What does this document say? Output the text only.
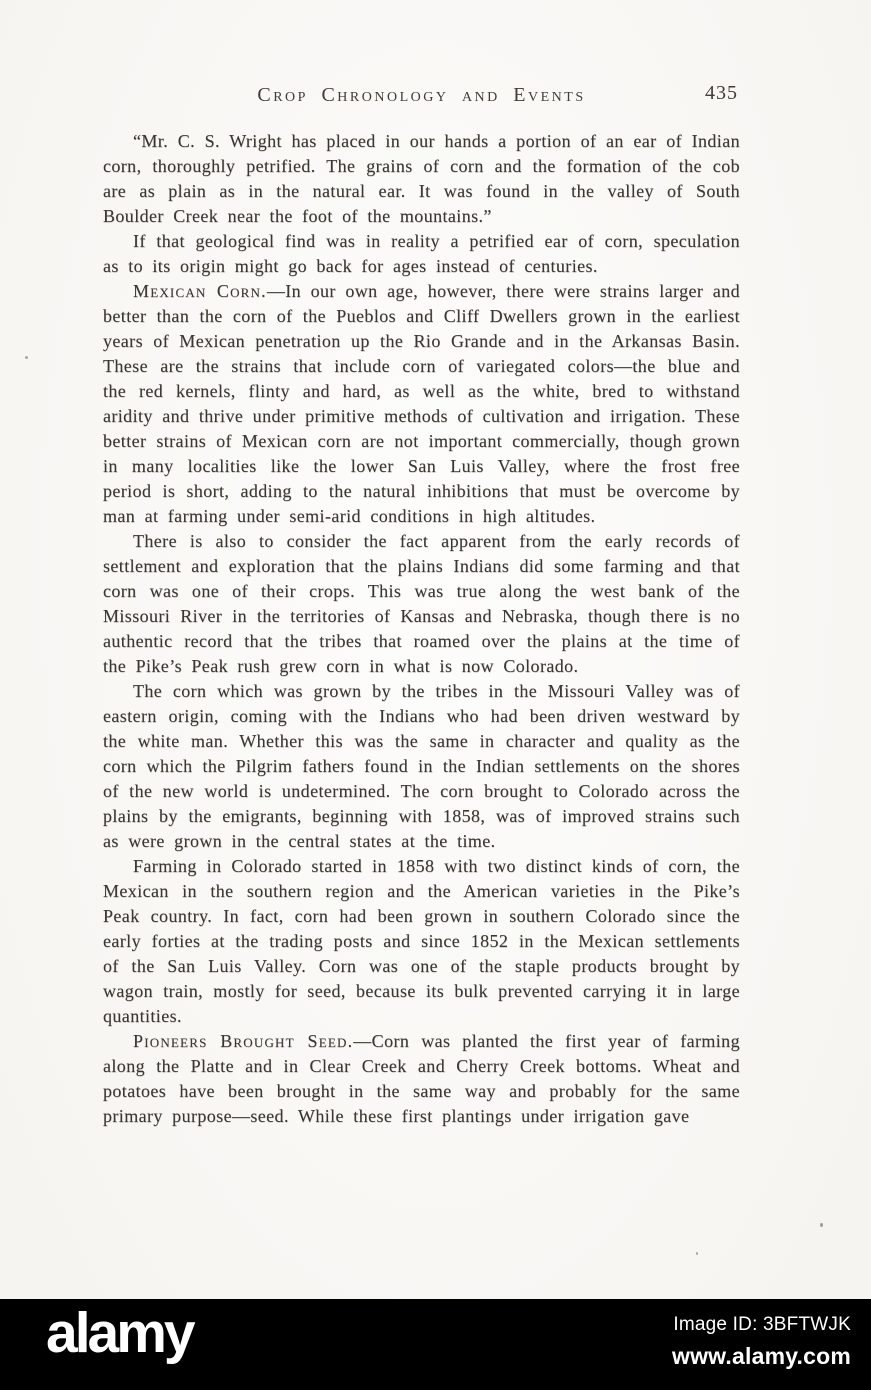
Crop Chronology and Events	435

“Mr. C. S. Wright has placed in our hands a portion of an ear of Indian corn, thoroughly petrified. The grains of corn and the formation of the cob are as plain as in the natural ear. It was found in the valley of South Boulder Creek near the foot of the mountains.”

If that geological find was in reality a petrified ear of corn, speculation as to its origin might go back for ages instead of centuries.

Mexican Corn.—In our own age, however, there were strains larger and better than the corn of the Pueblos and Cliff Dwellers grown in the earliest years of Mexican penetration up the Rio Grande and in the Arkansas Basin. These are the strains that include corn of variegated colors—the blue and the red kernels, flinty and hard, as well as the white, bred to withstand aridity and thrive under primitive methods of cultivation and irrigation. These better strains of Mexican corn are not important commercially, though grown in many localities like the lower San Luis Valley, where the frost free period is short, adding to the natural inhibitions that must be overcome by man at farming under semi-arid conditions in high altitudes.

There is also to consider the fact apparent from the early records of settlement and exploration that the plains Indians did some farming and that corn was one of their crops. This was true along the west bank of the Missouri River in the territories of Kansas and Nebraska, though there is no authentic record that the tribes that roamed over the plains at the time of the Pike’s Peak rush grew corn in what is now Colorado.

The corn which was grown by the tribes in the Missouri Valley was of eastern origin, coming with the Indians who had been driven westward by the white man. Whether this was the same in character and quality as the corn which the Pilgrim fathers found in the Indian settlements on the shores of the new world is undetermined. The corn brought to Colorado across the plains by the emigrants, beginning with 1858, was of improved strains such as were grown in the central states at the time.

Farming in Colorado started in 1858 with two distinct kinds of corn, the Mexican in the southern region and the American varieties in the Pike’s Peak country. In fact, corn had been grown in southern Colorado since the early forties at the trading posts and since 1852 in the Mexican settlements of the San Luis Valley. Corn was one of the staple products brought by wagon train, mostly for seed, because its bulk prevented carrying it in large quantities.

Pioneers Brought Seed.—Corn was planted the first year of farming along the Platte and in Clear Creek and Cherry Creek bottoms. Wheat and potatoes have been brought in the same way and probably for the same primary purpose—seed. While these first plantings under irrigation gave

alamy	Image ID: 3BFTWJK
www.alamy.com
